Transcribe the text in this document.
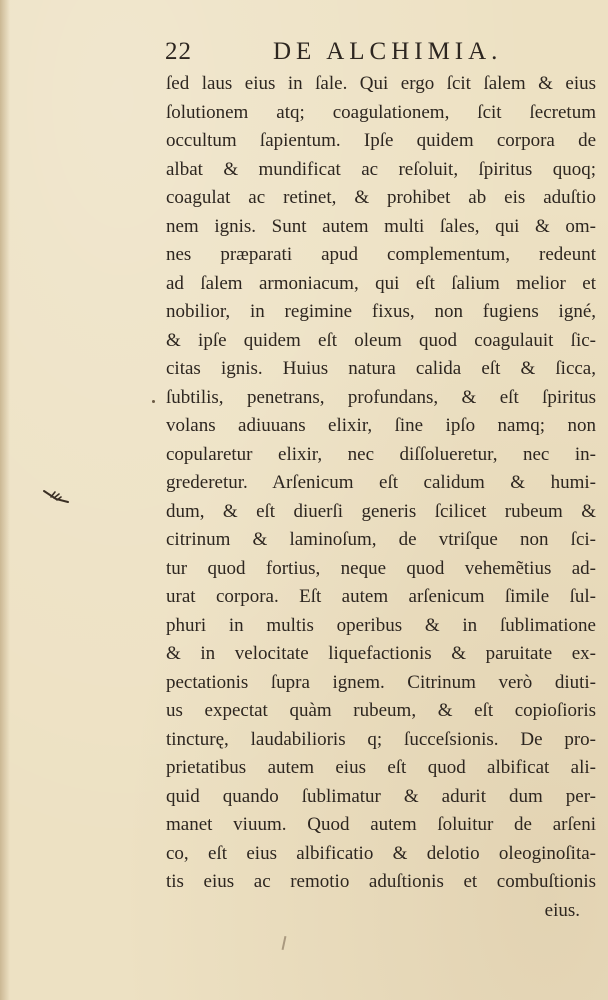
22	DE ALCHIMIA.
ſed laus eius in ſale. Qui ergo ſcit ſalem & eius
ſolutionem atq; coagulationem, ſcit ſecretum
occultum ſapientum. Ipſe quidem corpora de
albat & mundificat ac reſoluit, ſpiritus quoq;
coagulat ac retinet, & prohibet ab eis aduſtio
nem ignis. Sunt autem multi ſales, qui & om-
nes præparati apud complementum, redeunt
ad ſalem armoniacum, qui eſt ſalium melior et
nobilior, in regimine fixus, non fugiens igné,
& ipſe quidem eſt oleum quod coagulauit ſic-
citas ignis. Huius natura calida eſt & ſicca,
ſubtilis, penetrans, profundans, & eſt ſpiritus
volans adiuuans elixir, ſine ipſo namq; non
copularetur elixir, nec diſſolueretur, nec in-
grederetur. Arſenicum eſt calidum & humi-
dum, & eſt diuerſi generis ſcilicet rubeum &
citrinum & laminoſum, de vtriſque non ſci-
tur quod fortius, neque quod vehemẽtius ad-
urat corpora. Eſt autem arſenicum ſimile ſul-
phuri in multis operibus & in ſublimatione
& in velocitate liquefactionis & paruitate ex-
pectationis ſupra ignem. Citrinum verò diuti-
us expectat quàm rubeum, & eſt copioſioris
tincturę, laudabilioris q; ſucceſsionis. De pro-
prietatibus autem eius eſt quod albificat ali-
quid quando ſublimatur & adurit dum per-
manet viuum. Quod autem ſoluitur de arſeni
co, eſt eius albificatio & delotio oleoginoſita-
tis eius ac remotio aduſtionis et combuſtionis
eius.
